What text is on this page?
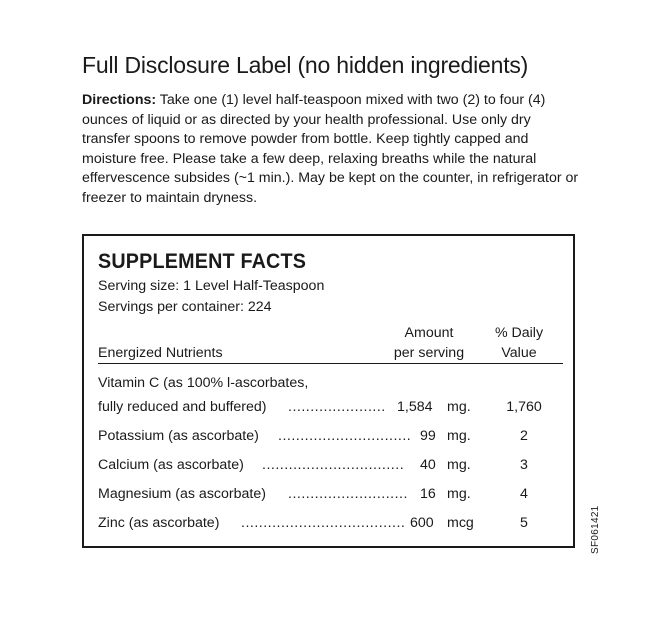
Full Disclosure Label (no hidden ingredients)
Directions: Take one (1) level half-teaspoon mixed with two (2) to four (4) ounces of liquid or as directed by your health professional. Use only dry transfer spoons to remove powder from bottle. Keep tightly capped and moisture free. Please take a few deep, relaxing breaths while the natural effervescence subsides (~1 min.). May be kept on the counter, in refrigerator or freezer to maintain dryness.
SUPPLEMENT FACTS
Serving size: 1 Level Half-Teaspoon
Servings per container: 224
Amount
per serving
% Daily
Value
Energized Nutrients
Vitamin C (as 100% l-ascorbates,
fully reduced and buffered) ...................... 1,584 mg.	1,760
Potassium (as ascorbate) .............................. 99 mg.	2
Calcium (as ascorbate) ................................	40 mg.	3
Magnesium (as ascorbate) ........................... 16 mg.	4
Zinc (as ascorbate) ..................................... 600 mcg	5	SF061421
